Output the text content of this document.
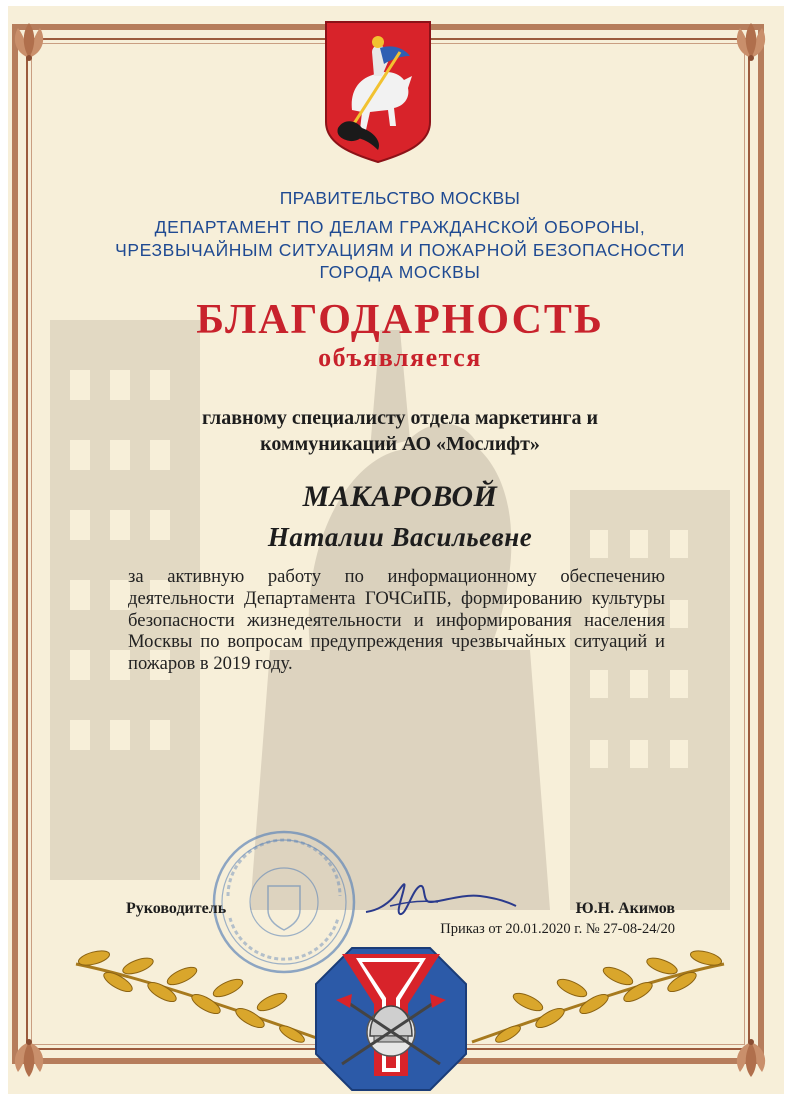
ПРАВИТЕЛЬСТВО МОСКВЫ

ДЕПАРТАМЕНТ ПО ДЕЛАМ ГРАЖДАНСКОЙ ОБОРОНЫ,
ЧРЕЗВЫЧАЙНЫМ СИТУАЦИЯМ И ПОЖАРНОЙ БЕЗОПАСНОСТИ
ГОРОДА МОСКВЫ

БЛАГОДАРНОСТЬ

объявляется

главному специалисту отдела маркетинга и
коммуникаций АО «Мослифт»

МАКАРОВОЙ

Наталии Васильевне

за активную работу по информационному обеспечению деятельности Департамента ГОЧСиПБ, формированию культуры безопасности жизнедеятельности и информирования населения Москвы по вопросам предупреждения чрезвычайных ситуаций и пожаров в 2019 году.

Руководитель	Ю.Н. Акимов

Приказ от 20.01.2020 г. № 27-08-24/20
